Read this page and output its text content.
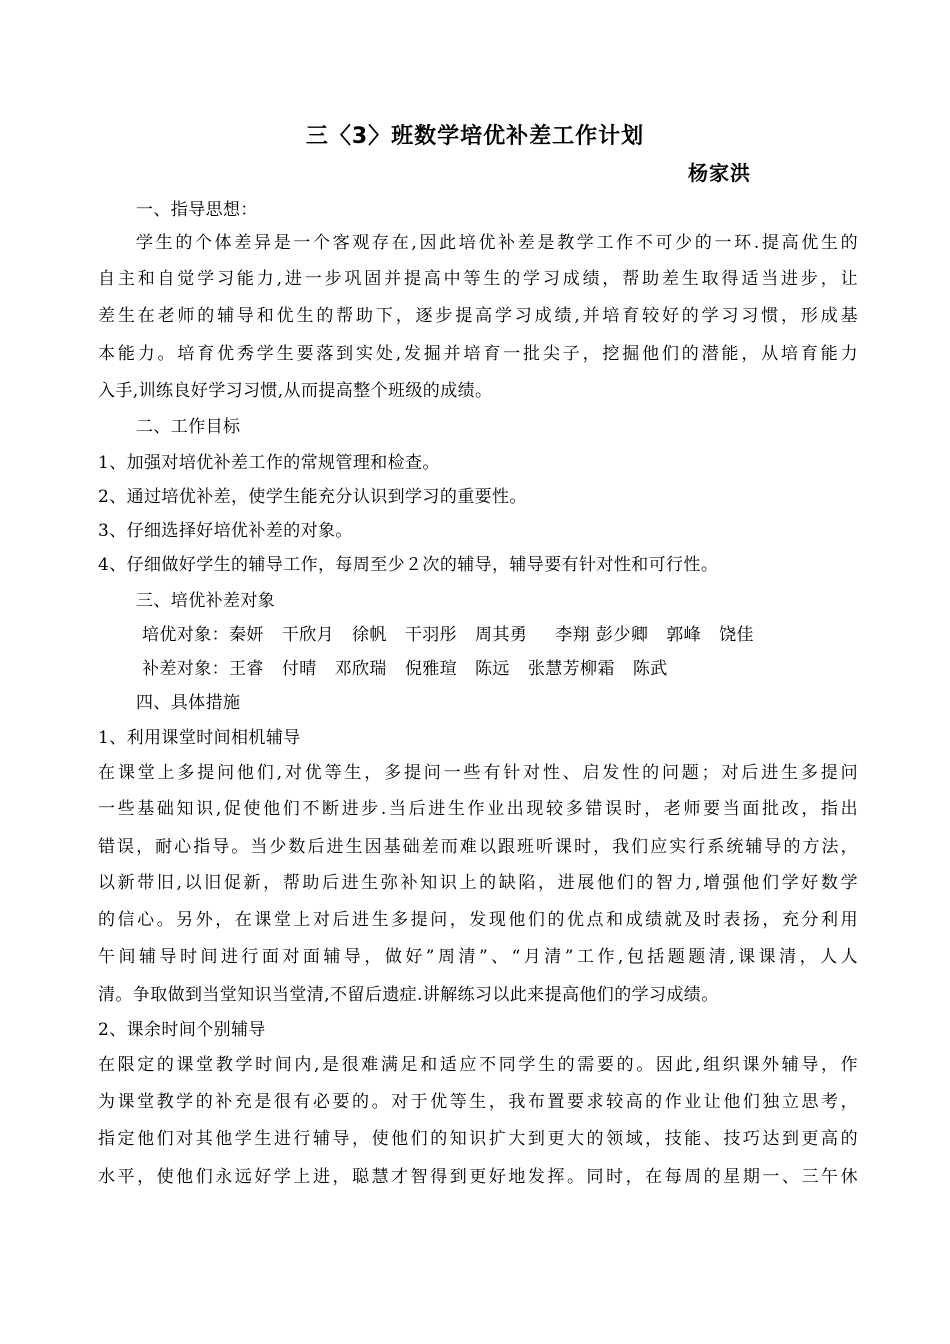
三〈3〉班数学培优补差工作计划
杨家洪
一、指导思想：
学生的个体差异是一个客观存在,因此培优补差是教学工作不可少的一环.提高优生的
自主和自觉学习能力,进一步巩固并提高中等生的学习成绩，帮助差生取得适当进步，让
差生在老师的辅导和优生的帮助下，逐步提高学习成绩,并培育较好的学习习惯，形成基
本能力。培育优秀学生要落到实处,发掘并培育一批尖子，挖掘他们的潜能，从培育能力
入手,训练良好学习习惯,从而提高整个班级的成绩。
二、工作目标
1、加强对培优补差工作的常规管理和检查。
2、通过培优补差，使学生能充分认识到学习的重要性。
3、仔细选择好培优补差的对象。
4、仔细做好学生的辅导工作，每周至少２次的辅导，辅导要有针对性和可行性。
三、培优补差对象
培优对象：秦妍 干欣月 徐帆 干羽彤 周其勇 李翔 彭少卿 郭峰 饶佳
补差对象：王睿 付晴 邓欣瑞 倪雅瑄 陈远 张慧芳柳霜 陈武
四、具体措施
1、利用课堂时间相机辅导
在课堂上多提问他们,对优等生，多提问一些有针对性、启发性的问题；对后进生多提问
一些基础知识,促使他们不断进步.当后进生作业出现较多错误时，老师要当面批改，指出
错误，耐心指导。当少数后进生因基础差而难以跟班听课时，我们应实行系统辅导的方法，
以新带旧,以旧促新，帮助后进生弥补知识上的缺陷，进展他们的智力,增强他们学好数学
的信心。另外，在课堂上对后进生多提问，发现他们的优点和成绩就及时表扬，充分利用
午间辅导时间进行面对面辅导，做好”周清”、“月清”工作,包括题题清,课课清，人人
清。争取做到当堂知识当堂清,不留后遗症.讲解练习以此来提高他们的学习成绩。
2、课余时间个别辅导
在限定的课堂教学时间内,是很难满足和适应不同学生的需要的。因此,组织课外辅导，作
为课堂教学的补充是很有必要的。对于优等生，我布置要求较高的作业让他们独立思考，
指定他们对其他学生进行辅导，使他们的知识扩大到更大的领域，技能、技巧达到更高的
水平，使他们永远好学上进，聪慧才智得到更好地发挥。同时，在每周的星期一、三午休
